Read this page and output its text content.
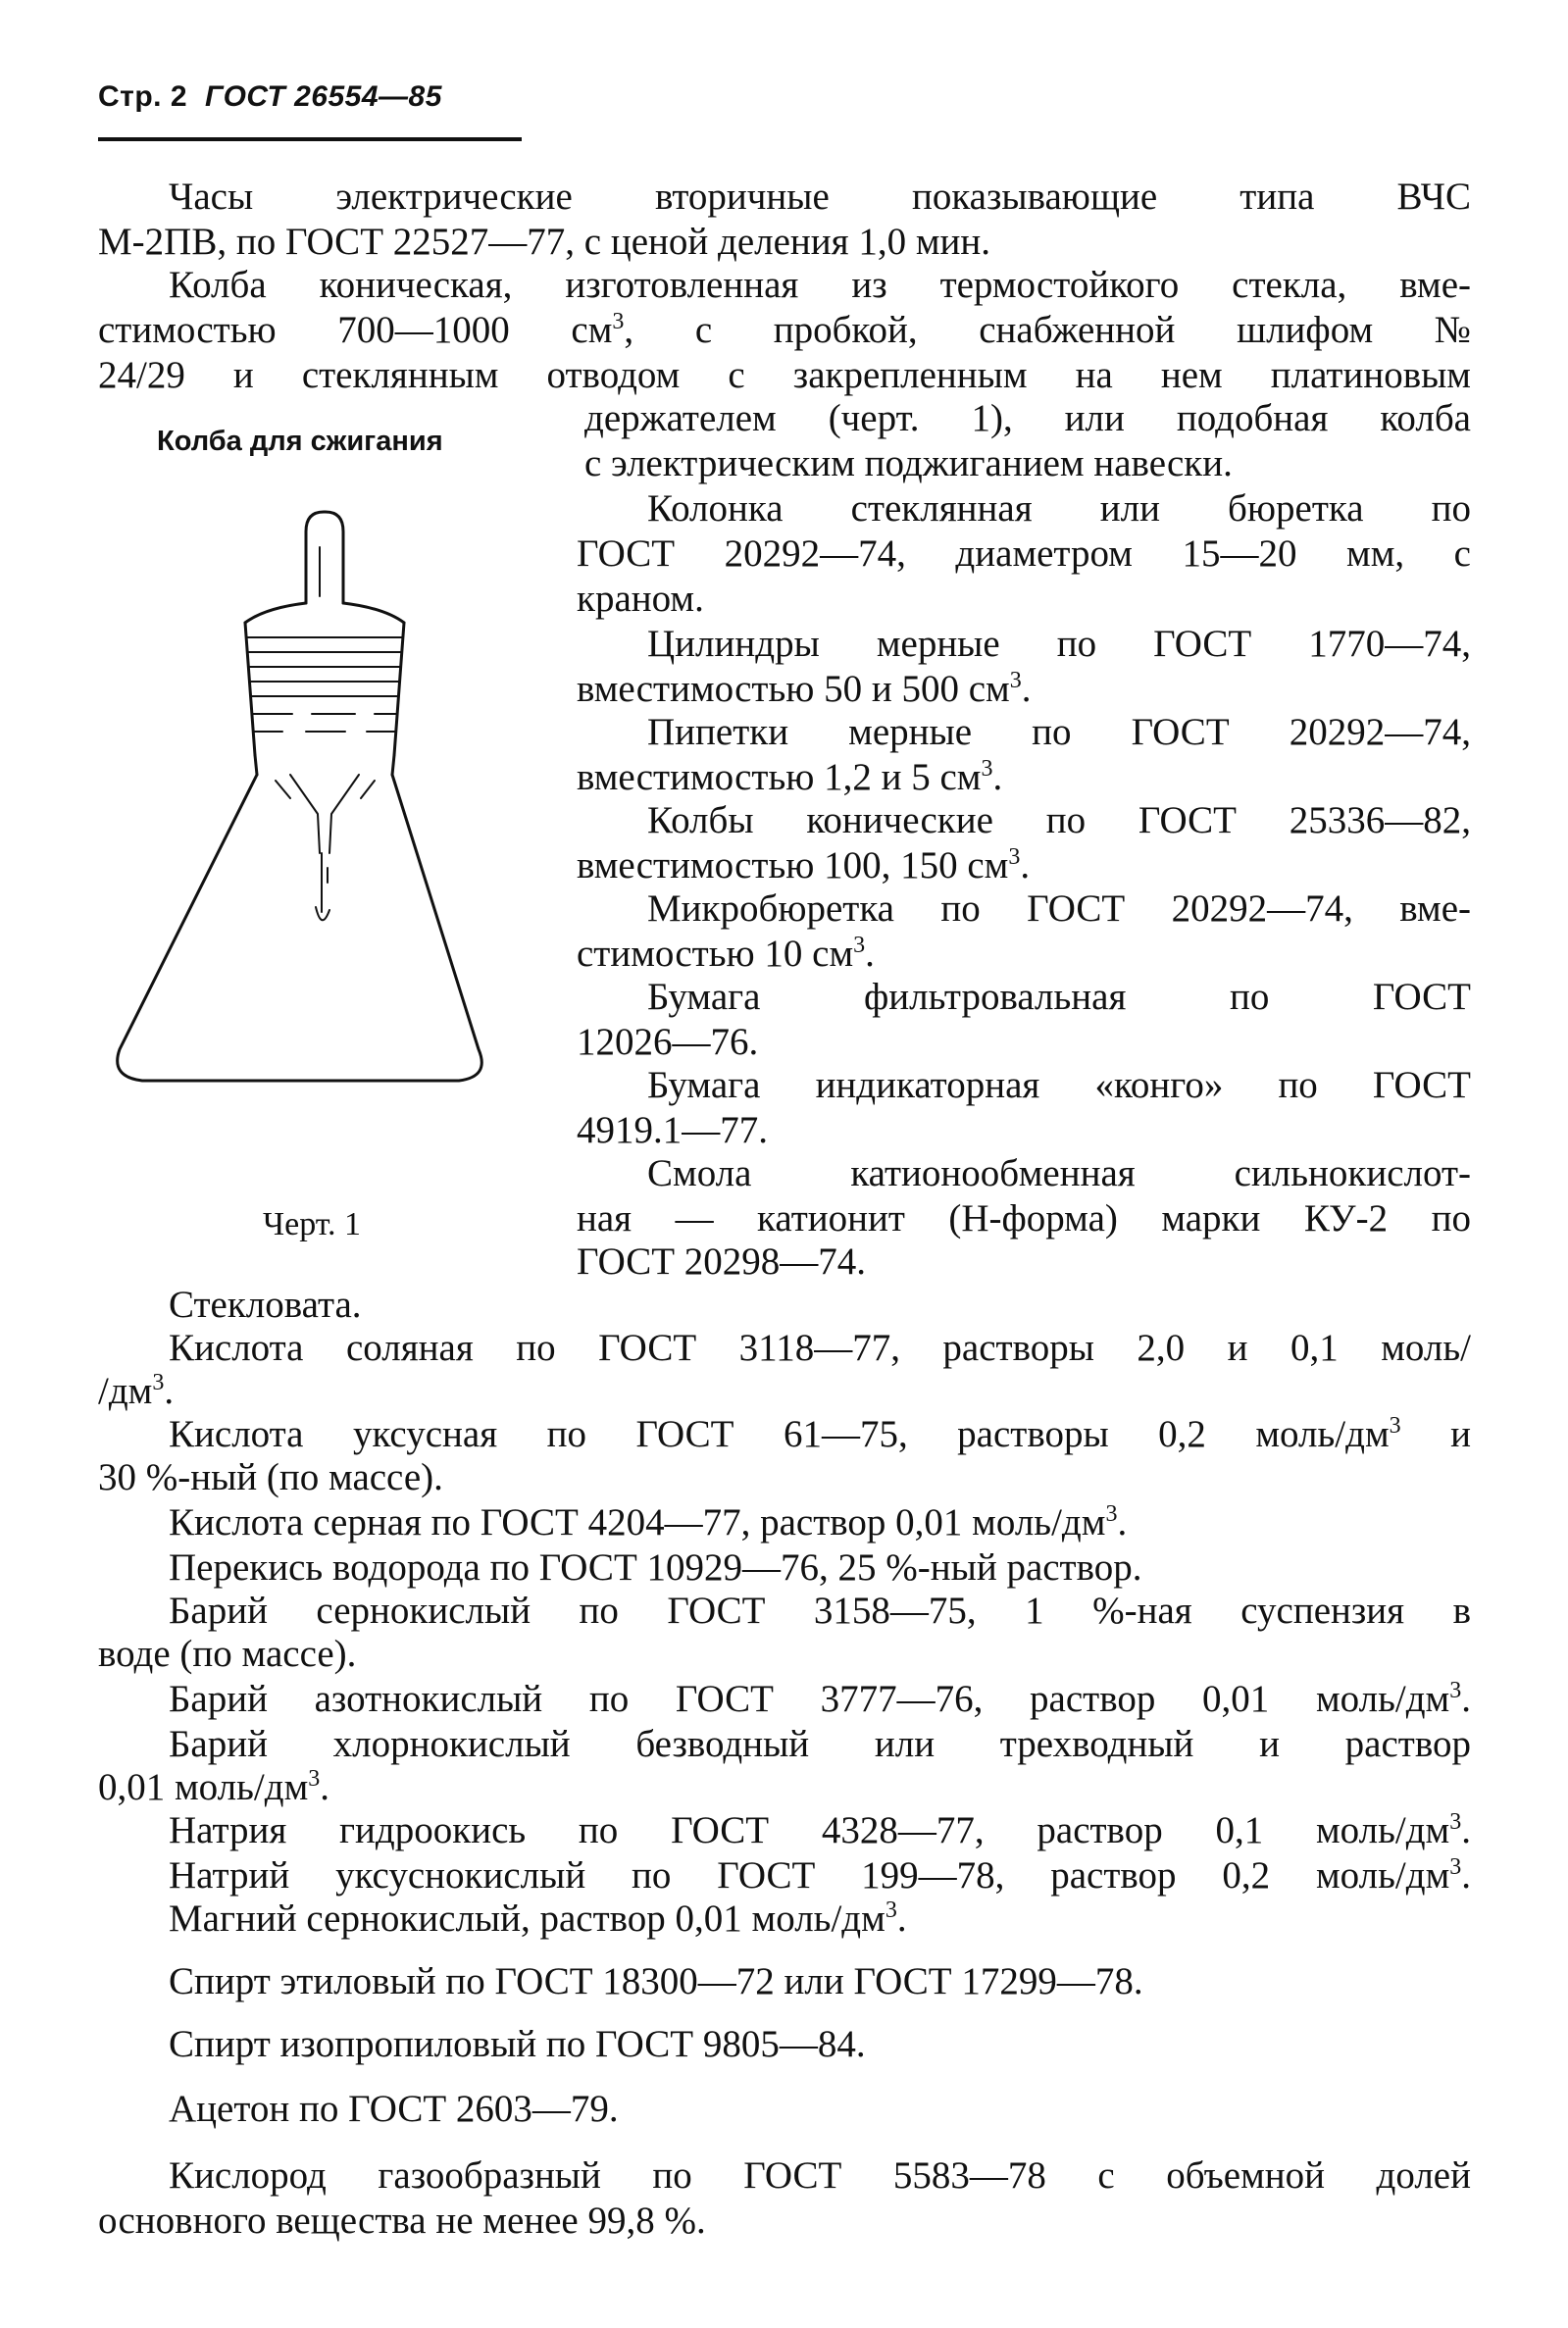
Стр. 2 ГОСТ 26554—85
Часы электрические вторичные показывающие типа ВЧС
М-2ПВ, по ГОСТ 22527—77, с ценой деления 1,0 мин.
Колба коническая, изготовленная из термостойкого стекла, вме-
стимостью 700—1000 $см^3$, с пробкой, снабженной шлифом №
24/29 и стеклянным отводом с закрепленным на нем платиновым
держателем (черт. 1), или подобная колба
с электрическим поджиганием навески.
Колонка стеклянная или бюретка по
ГОСТ 20292—74, диаметром 15—20 мм, с
краном.
Цилиндры мерные по ГОСТ 1770—74,
вместимостью 50 и 500 $см^3$.
Пипетки мерные по ГОСТ 20292—74,
вместимостью 1,2 и 5 $см^3$.
Колбы конические по ГОСТ 25336—82,
вместимостью 100, 150 $см^3$.
Микробюретка по ГОСТ 20292—74, вме-
стимостью 10 $см^3$.
Бумага фильтровальная по ГОСТ
12026—76.
Бумага индикаторная «конго» по ГОСТ
4919.1—77.
Смола катионообменная сильнокислот-
ная — катионит (Н-форма) марки КУ-2 по
ГОСТ 20298—74.
Колба для сжигания
Черт. 1
Стекловата.
Кислота соляная по ГОСТ 3118—77, растворы 2,0 и 0,1 моль/
$/дм^3$.
Кислота уксусная по ГОСТ 61—75, растворы 0,2 моль/$дм^3$ и
30 %-ный (по массе).
Кислота серная по ГОСТ 4204—77, раствор 0,01 моль/$дм^3$.
Перекись водорода по ГОСТ 10929—76, 25 %-ный раствор.
Барий сернокислый по ГОСТ 3158—75, 1 %-ная суспензия в
воде (по массе).
Барий азотнокислый по ГОСТ 3777—76, раствор 0,01 моль/$дм^3$.
Барий хлорнокислый безводный или трехводный и раствор
0,01 моль/$дм^3$.
Натрия гидроокись по ГОСТ 4328—77, раствор 0,1 моль/$дм^3$.
Натрий уксуснокислый по ГОСТ 199—78, раствор 0,2 моль/$дм^3$.
Магний сернокислый, раствор 0,01 моль/$дм^3$.
Спирт этиловый по ГОСТ 18300—72 или ГОСТ 17299—78.
Спирт изопропиловый по ГОСТ 9805—84.
Ацетон по ГОСТ 2603—79.
Кислород газообразный по ГОСТ 5583—78 с объемной долей
основного вещества не менее 99,8 %.
